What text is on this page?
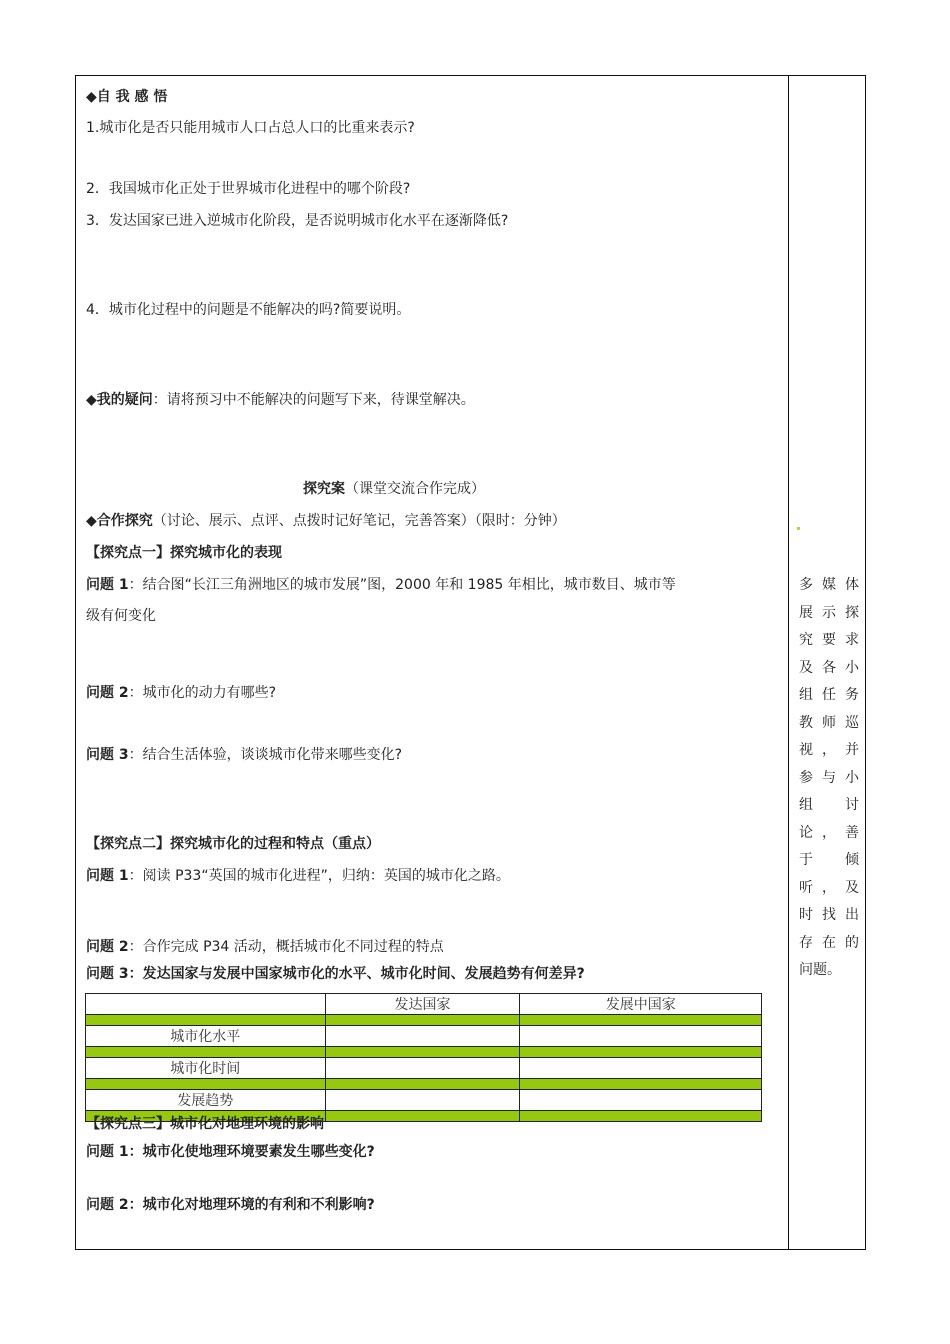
◆自 我 感 悟
1.城市化是否只能用城市人口占总人口的比重来表示?
2．我国城市化正处于世界城市化进程中的哪个阶段?
3．发达国家已进入逆城市化阶段，是否说明城市化水平在逐渐降低?
4．城市化过程中的问题是不能解决的吗?简要说明。
◆我的疑问：请将预习中不能解决的问题写下来，待课堂解决。
探究案（课堂交流合作完成）
◆合作探究（讨论、展示、点评、点拨时记好笔记，完善答案）（限时：分钟）
【探究点一】探究城市化的表现
问题 1：结合图“长江三角洲地区的城市发展”图，2000 年和 1985 年相比，城市数目、城市等
级有何变化
问题 2：城市化的动力有哪些?
问题 3：结合生活体验，谈谈城市化带来哪些变化?
【探究点二】探究城市化的过程和特点（重点）
问题 1：阅读 P33“英国的城市化进程”，归纳：英国的城市化之路。
问题 2：合作完成 P34 活动，概括城市化不同过程的特点
问题 3：发达国家与发展中国家城市化的水平、城市化时间、发展趋势有何差异?
	发达国家	发展中国家

城市化水平		

城市化时间		

发展趋势		

【探究点三】城市化对地理环境的影响
问题 1：城市化使地理环境要素发生哪些变化?
问题 2：城市化对地理环境的有利和不利影响?
多媒体
展示探
究要求
及各小
组任务
教师巡
视，并
参与小
组 讨
论，善
于 倾
听，及
时找出
存在的
问题。
